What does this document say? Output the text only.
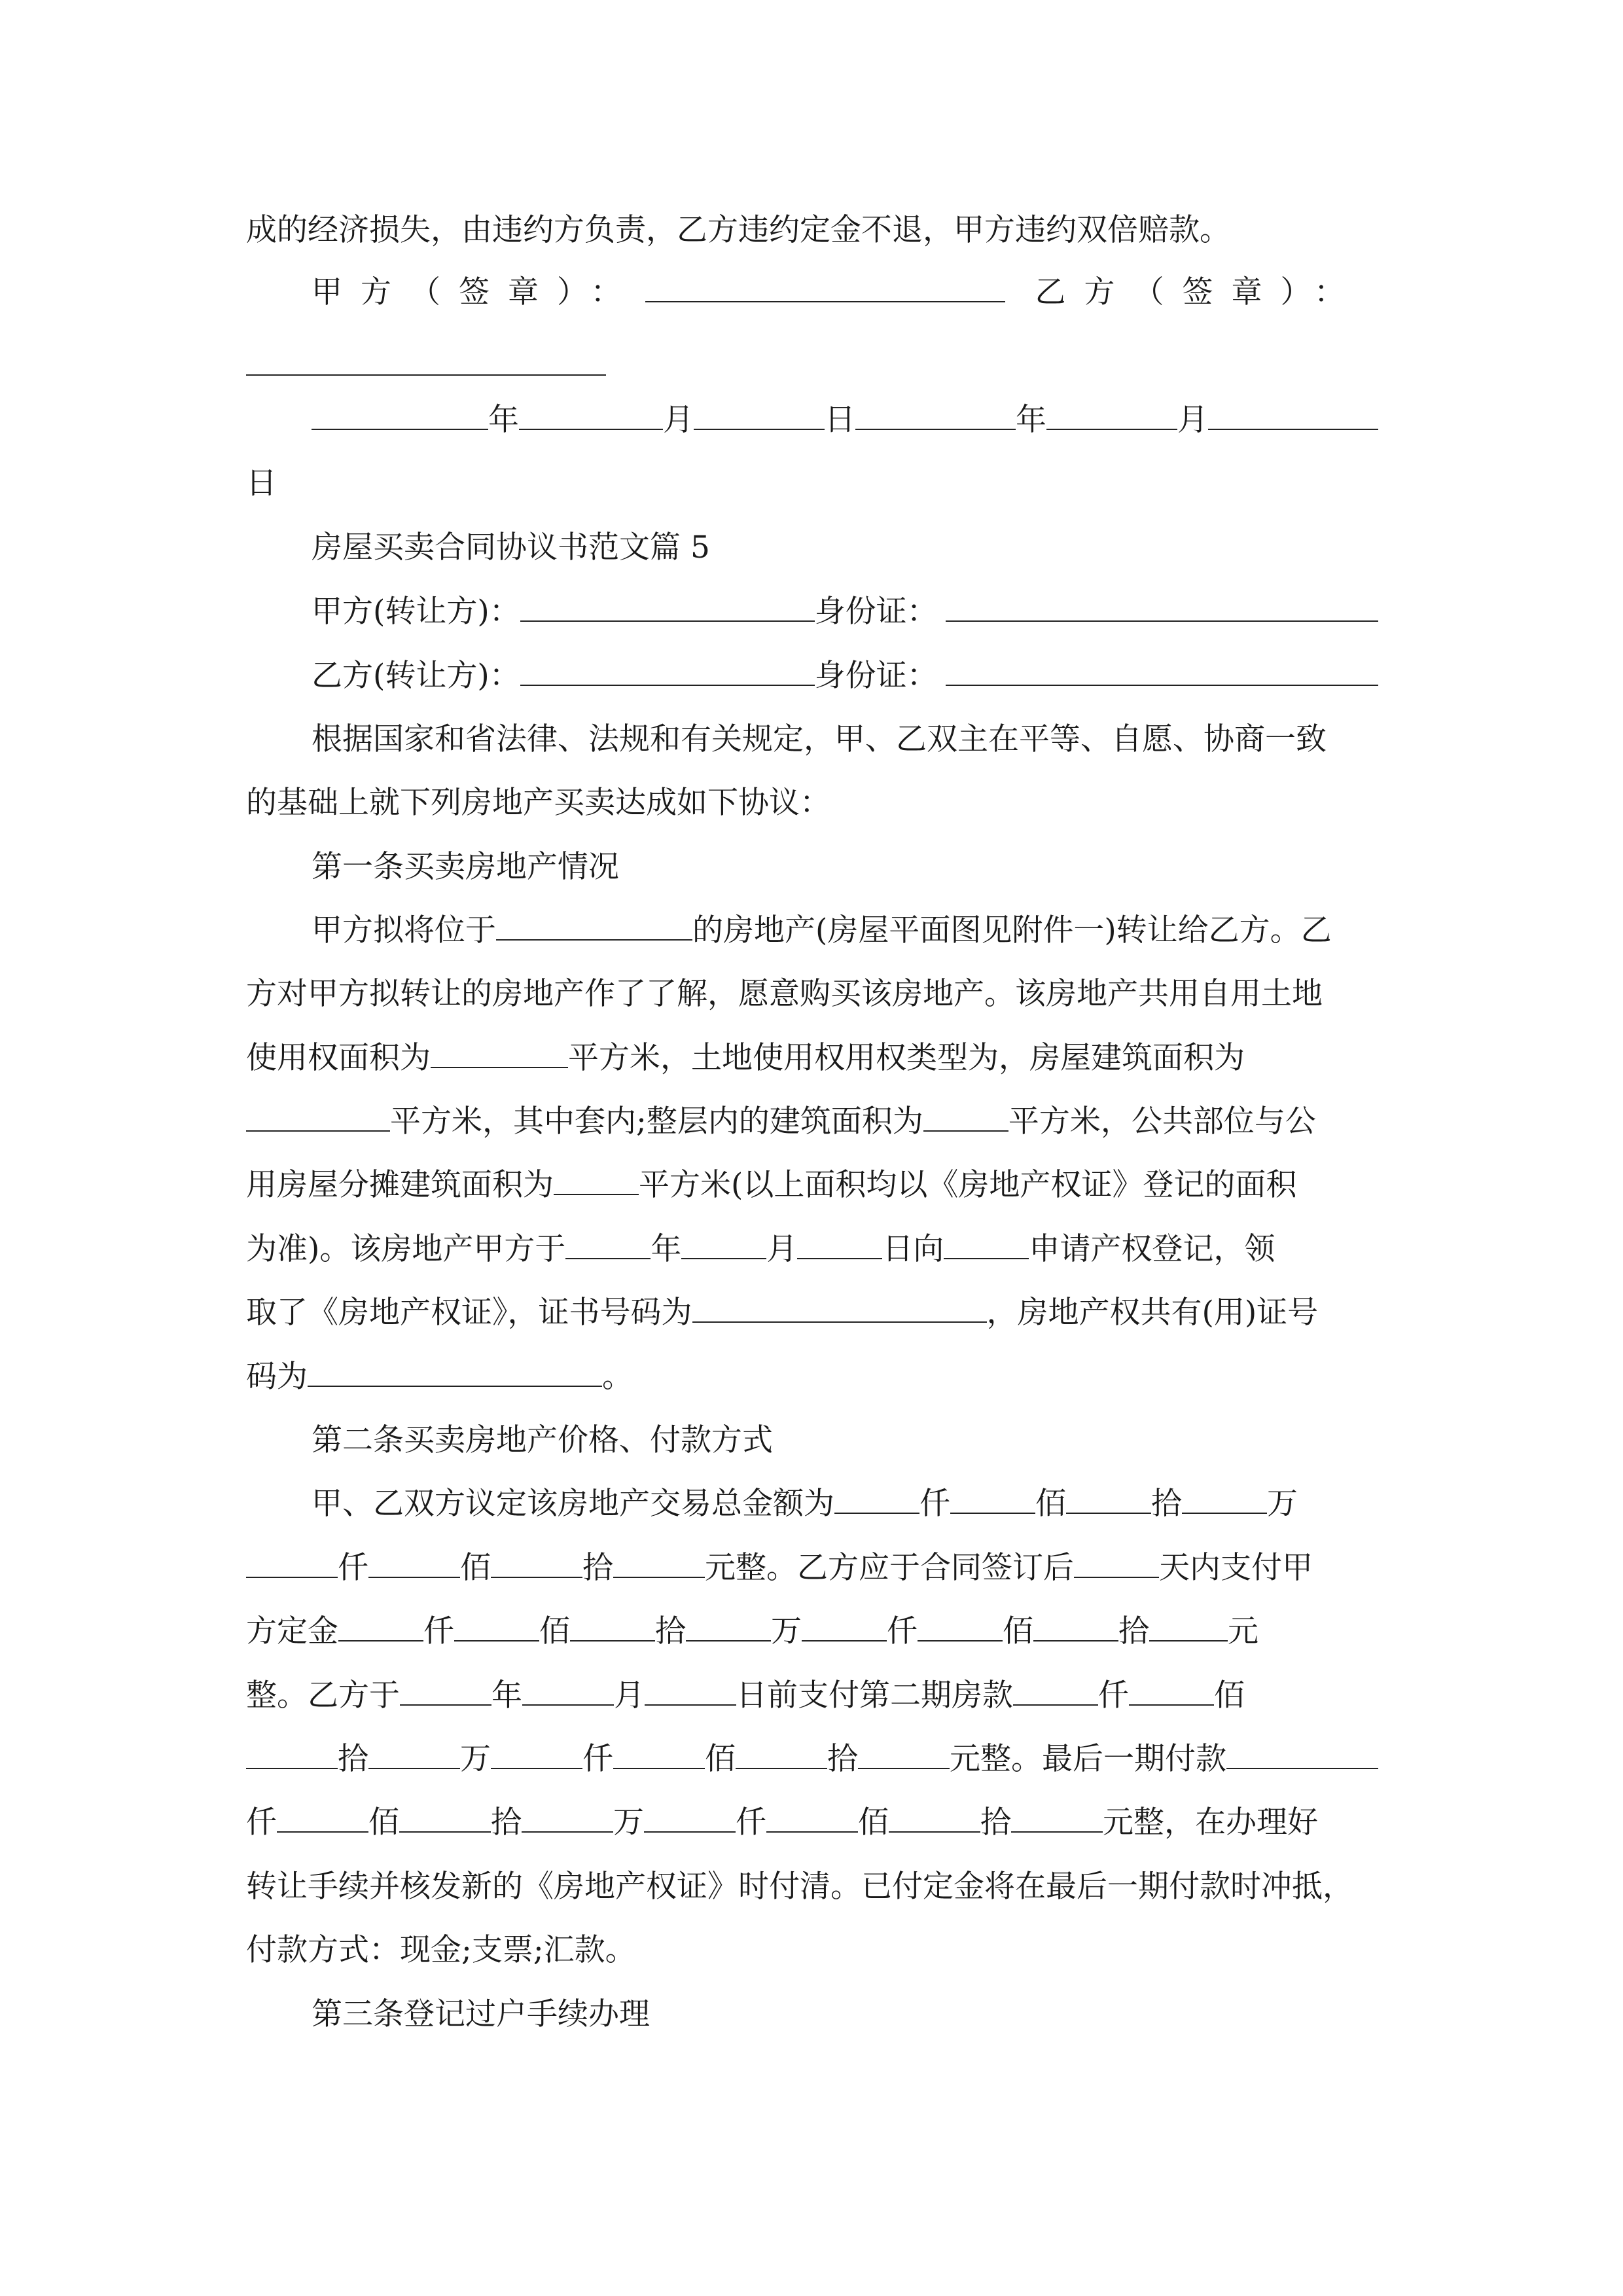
成的经济损失，由违约方负责，乙方违约定金不退，甲方违约双倍赔款。
甲方（签章）：	乙方（签章）：
年	月	日	年	月
日
房屋买卖合同协议书范文篇 5
甲方(转让方)：	身份证：
乙方(转让方)：	身份证：
根据国家和省法律、法规和有关规定，甲、乙双主在平等、自愿、协商一致
的基础上就下列房地产买卖达成如下协议：
第一条买卖房地产情况
甲方拟将位于	的房地产(房屋平面图见附件一)转让给乙方。乙
方对甲方拟转让的房地产作了了解，愿意购买该房地产。该房地产共用自用土地
使用权面积为	平方米，土地使用权用权类型为，房屋建筑面积为
平方米，其中套内;整层内的建筑面积为	平方米，公共部位与公
用房屋分摊建筑面积为	平方米(以上面积均以《房地产权证》登记的面积
为准)。该房地产甲方于	年	月	日向	申请产权登记，领
取了《房地产权证》，证书号码为	，房地产权共有(用)证号
码为	。
第二条买卖房地产价格、付款方式
甲、乙双方议定该房地产交易总金额为	仟	佰	拾	万
仟	佰	拾	元整。乙方应于合同签订后	天内支付甲
方定金	仟	佰	拾	万	仟	佰	拾	元
整。乙方于	年	月	日前支付第二期房款	仟	佰
拾	万	仟	佰	拾	元整。最后一期付款
仟	佰	拾	万	仟	佰	拾	元整，在办理好
转让手续并核发新的《房地产权证》时付清。已付定金将在最后一期付款时冲抵，
付款方式：现金;支票;汇款。
第三条登记过户手续办理
